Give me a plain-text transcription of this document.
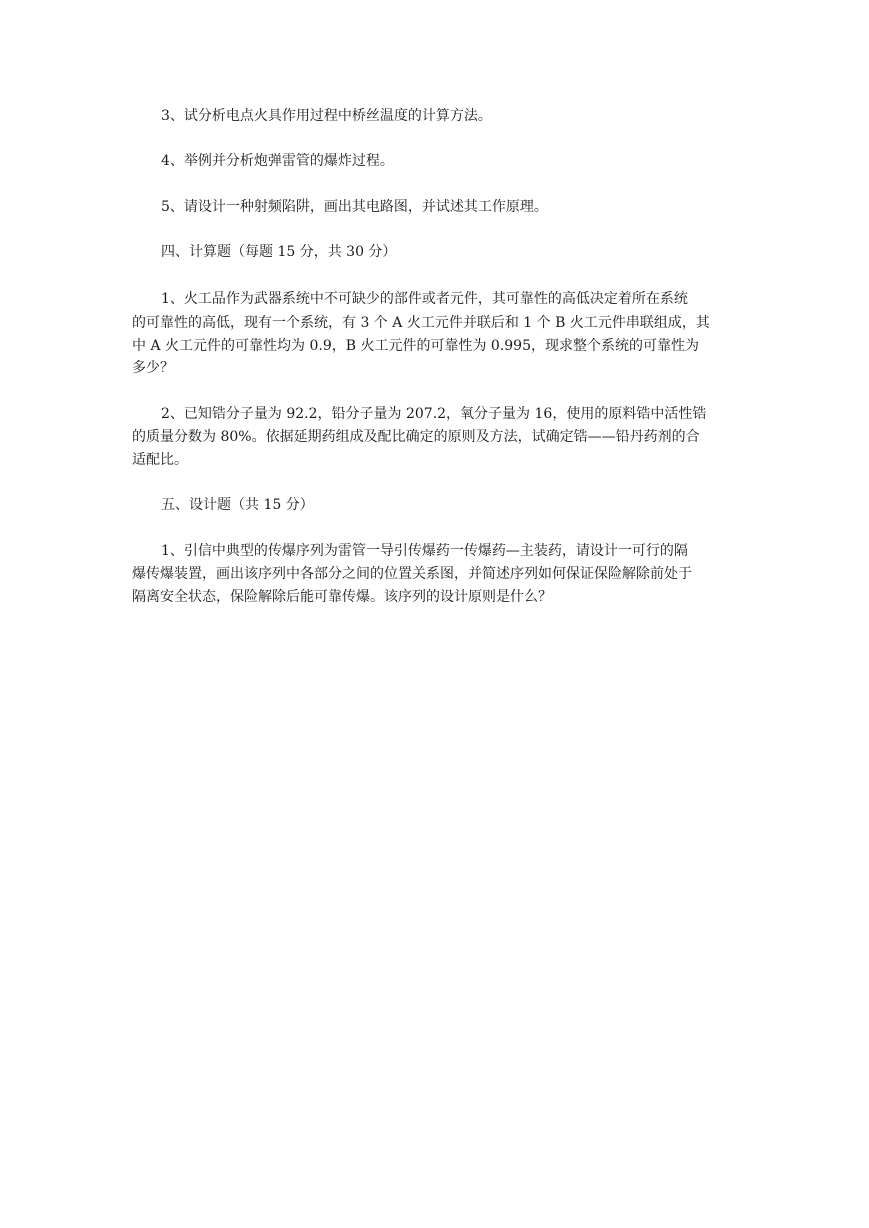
3、试分析电点火具作用过程中桥丝温度的计算方法。
4、举例并分析炮弹雷管的爆炸过程。
5、请设计一种射频陷阱，画出其电路图，并试述其工作原理。
四、计算题（每题 15 分，共 30 分）
1、火工品作为武器系统中不可缺少的部件或者元件，其可靠性的高低决定着所在系统
的可靠性的高低，现有一个系统，有 3 个 A 火工元件并联后和 1 个 B 火工元件串联组成，其
中 A 火工元件的可靠性均为 0.9，B 火工元件的可靠性为 0.995，现求整个系统的可靠性为
多少？
2、已知锆分子量为 92.2，铅分子量为 207.2，氧分子量为 16，使用的原料锆中活性锆
的质量分数为 80%。依据延期药组成及配比确定的原则及方法，试确定锆——铅丹药剂的合
适配比。
五、设计题（共 15 分）
1、引信中典型的传爆序列为雷管一导引传爆药一传爆药—主装药，请设计一可行的隔
爆传爆装置，画出该序列中各部分之间的位置关系图，并简述序列如何保证保险解除前处于
隔离安全状态，保险解除后能可靠传爆。该序列的设计原则是什么？
